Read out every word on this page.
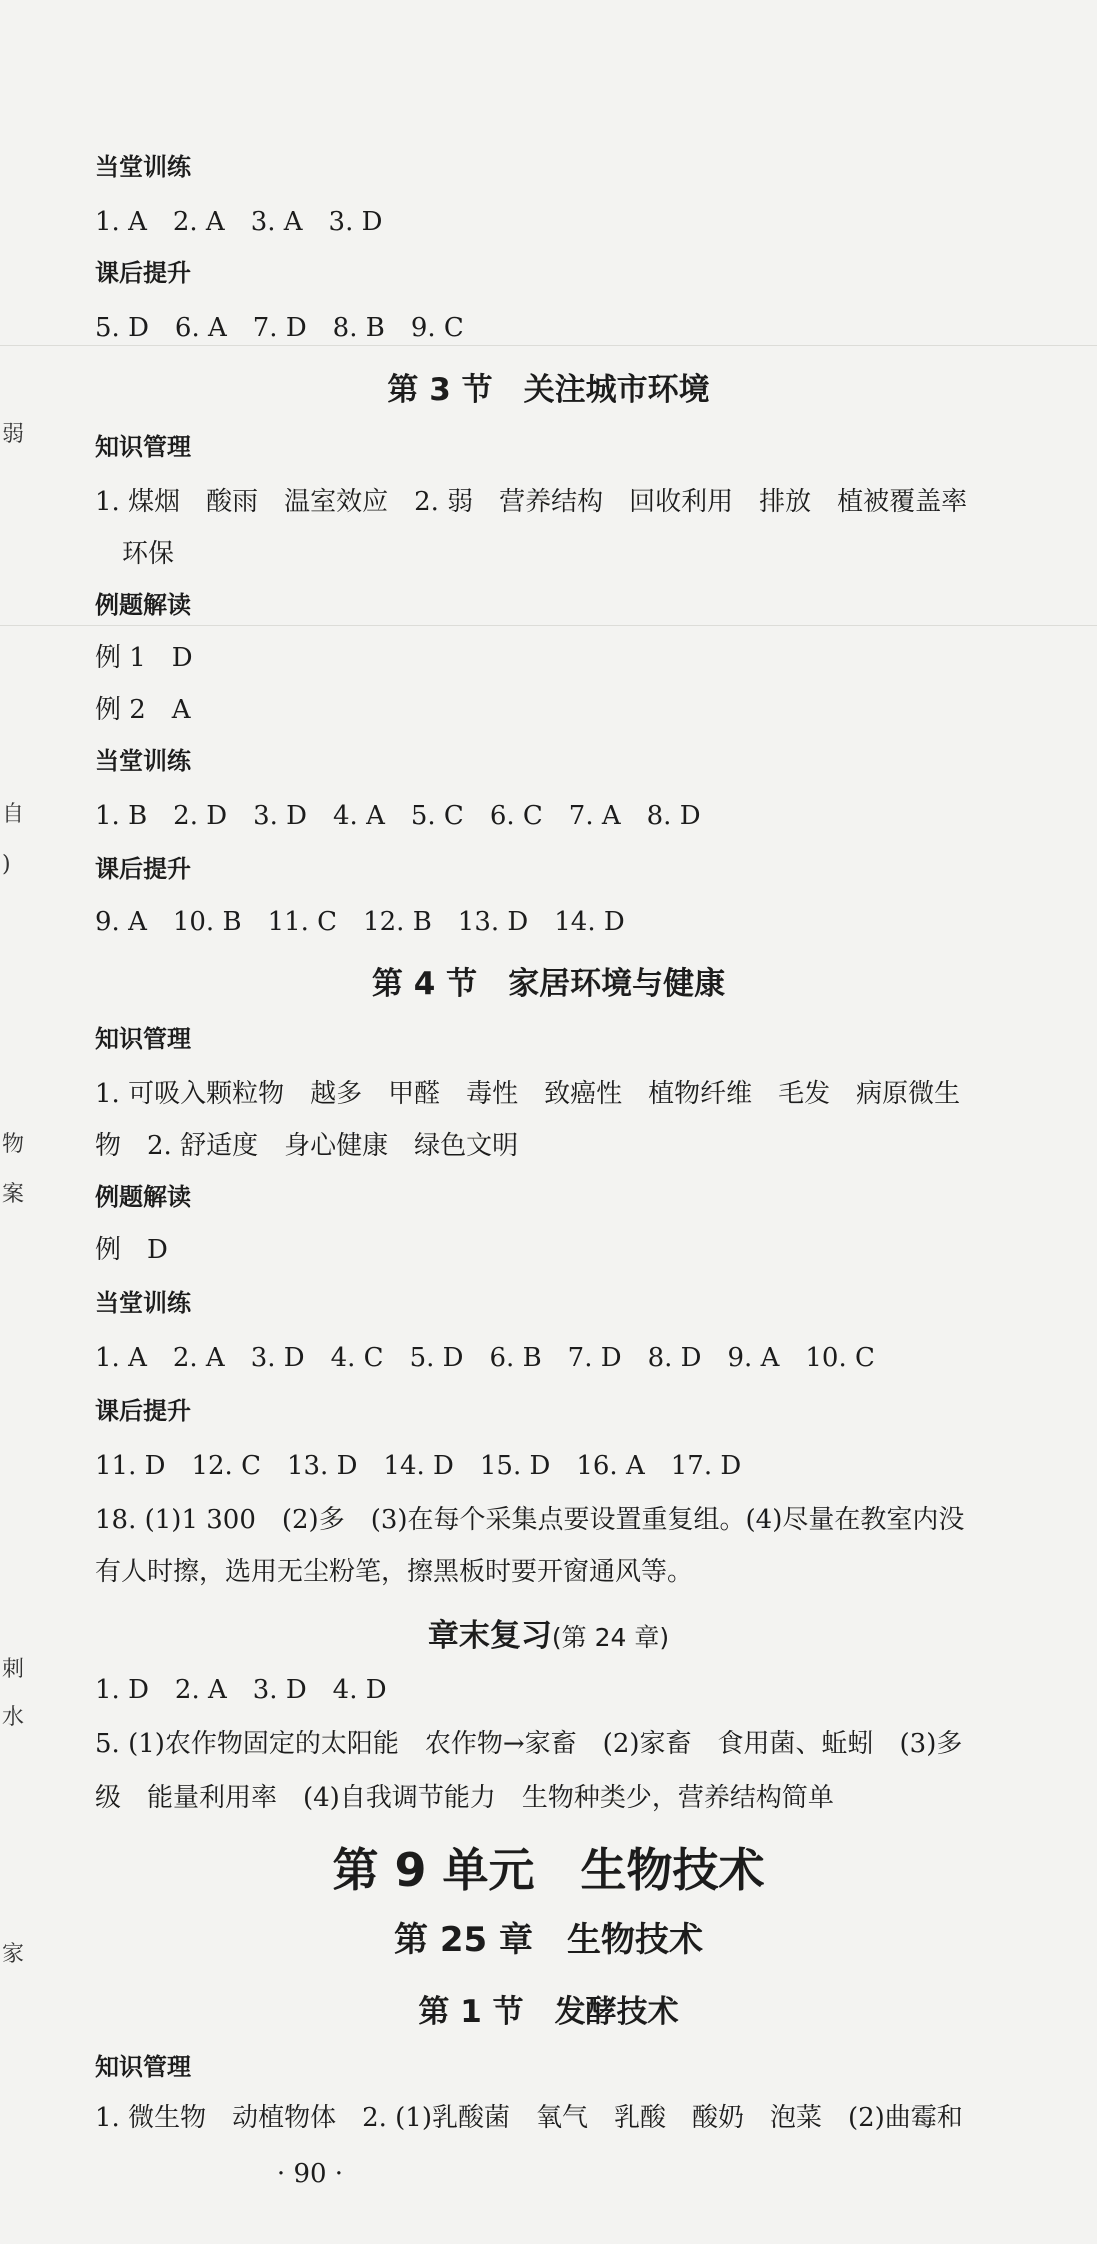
弱
自
)
物
案
刺
水
家
当堂训练
1. A　2. A　3. A　3. D
课后提升
5. D　6. A　7. D　8. B　9. C
第 3 节　关注城市环境
知识管理
1. 煤烟　酸雨　温室效应　2. 弱　营养结构　回收利用　排放　植被覆盖率
环保
例题解读
例 1　D
例 2　A
当堂训练
1. B　2. D　3. D　4. A　5. C　6. C　7. A　8. D
课后提升
9. A　10. B　11. C　12. B　13. D　14. D
第 4 节　家居环境与健康
知识管理
1. 可吸入颗粒物　越多　甲醛　毒性　致癌性　植物纤维　毛发　病原微生
物　2. 舒适度　身心健康　绿色文明
例题解读
例　D
当堂训练
1. A　2. A　3. D　4. C　5. D　6. B　7. D　8. D　9. A　10. C
课后提升
11. D　12. C　13. D　14. D　15. D　16. A　17. D
18. (1)1 300　(2)多　(3)在每个采集点要设置重复组。(4)尽量在教室内没
有人时擦，选用无尘粉笔，擦黑板时要开窗通风等。
章末复习(第 24 章)
1. D　2. A　3. D　4. D
5. (1)农作物固定的太阳能　农作物→家畜　(2)家畜　食用菌、蚯蚓　(3)多
级　能量利用率　(4)自我调节能力　生物种类少，营养结构简单
第 9 单元　生物技术
第 25 章　生物技术
第 1 节　发酵技术
知识管理
1. 微生物　动植物体　2. (1)乳酸菌　氧气　乳酸　酸奶　泡菜　(2)曲霉和
· 90 ·
